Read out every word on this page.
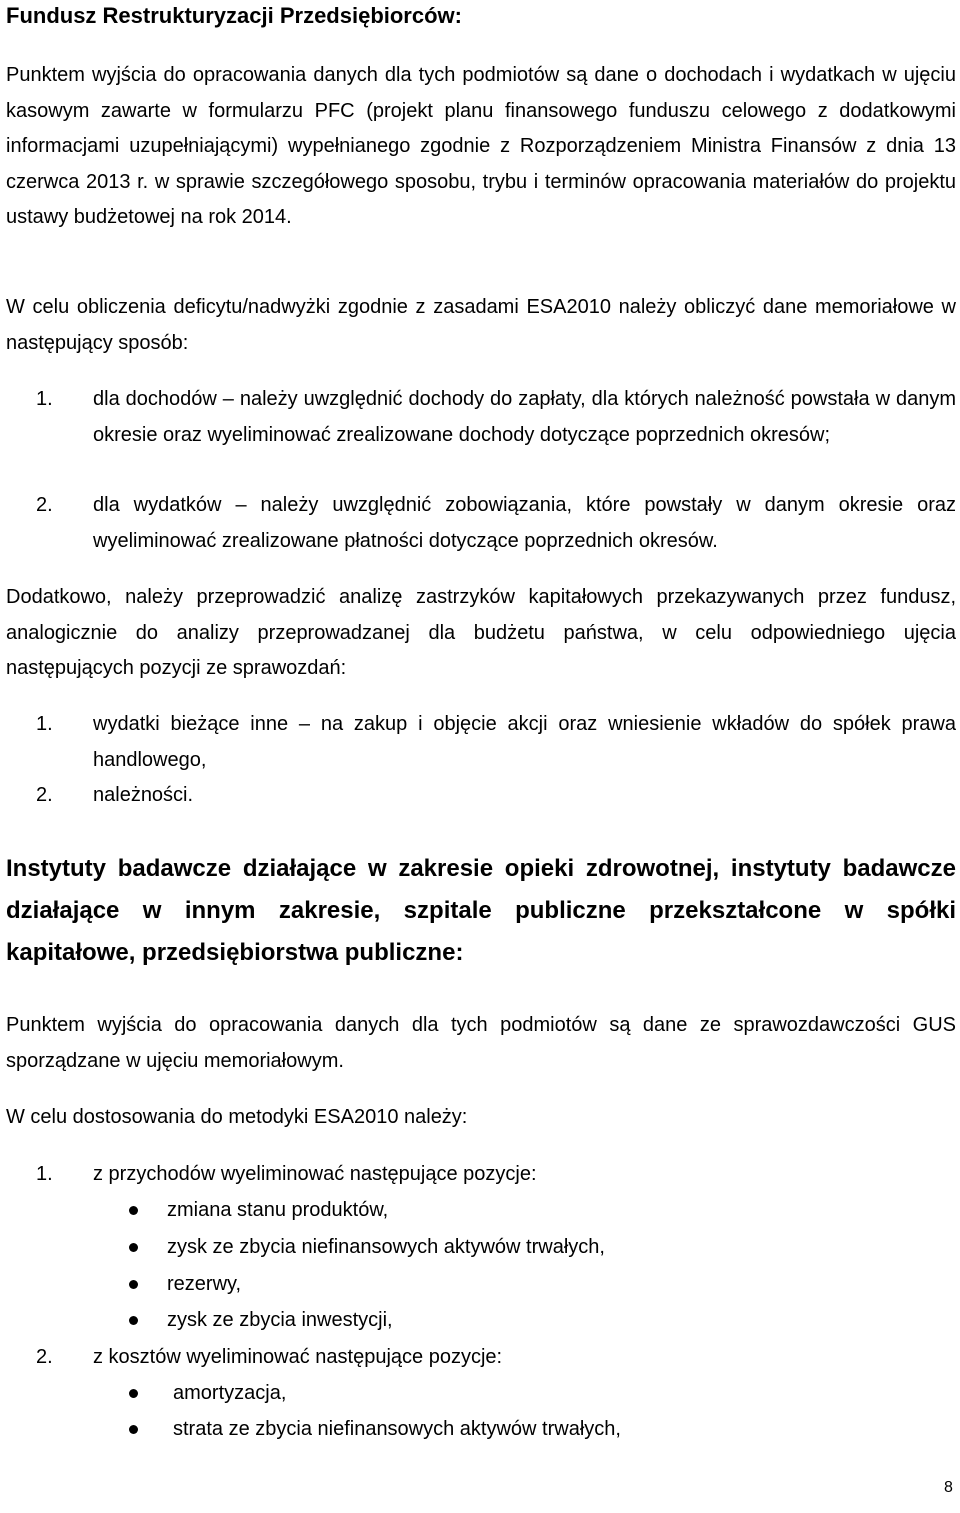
Fundusz Restrukturyzacji Przedsiębiorców:
Punktem wyjścia do opracowania danych dla tych podmiotów są dane o dochodach i wydatkach w ujęciu kasowym zawarte w formularzu PFC (projekt planu finansowego funduszu celowego z dodatkowymi informacjami uzupełniającymi) wypełnianego zgodnie z Rozporządzeniem Ministra Finansów z dnia 13 czerwca 2013 r. w sprawie szczegółowego sposobu, trybu i terminów opracowania materiałów do projektu ustawy budżetowej na rok 2014.
W celu obliczenia deficytu/nadwyżki zgodnie z zasadami ESA2010 należy obliczyć dane memoriałowe w następujący sposób:
1. dla dochodów – należy uwzględnić dochody do zapłaty, dla których należność powstała w danym okresie oraz wyeliminować zrealizowane dochody dotyczące poprzednich okresów;
2. dla wydatków – należy uwzględnić zobowiązania, które powstały w danym okresie oraz wyeliminować zrealizowane płatności dotyczące poprzednich okresów.
Dodatkowo, należy przeprowadzić analizę zastrzyków kapitałowych przekazywanych przez fundusz, analogicznie do analizy przeprowadzanej dla budżetu państwa, w celu odpowiedniego ujęcia następujących pozycji ze sprawozdań:
1. wydatki bieżące inne – na zakup i objęcie akcji oraz wniesienie wkładów do spółek prawa handlowego,
2. należności.
Instytuty badawcze działające w zakresie opieki zdrowotnej, instytuty badawcze działające w innym zakresie, szpitale publiczne przekształcone w spółki kapitałowe, przedsiębiorstwa publiczne:
Punktem wyjścia do opracowania danych dla tych podmiotów są dane ze sprawozdawczości GUS sporządzane w ujęciu memoriałowym.
W celu dostosowania do metodyki ESA2010 należy:
1. z przychodów wyeliminować następujące pozycje:
zmiana stanu produktów,
zysk ze zbycia niefinansowych aktywów trwałych,
rezerwy,
zysk ze zbycia inwestycji,
2. z kosztów wyeliminować następujące pozycje:
amortyzacja,
strata ze zbycia niefinansowych aktywów trwałych,
8
